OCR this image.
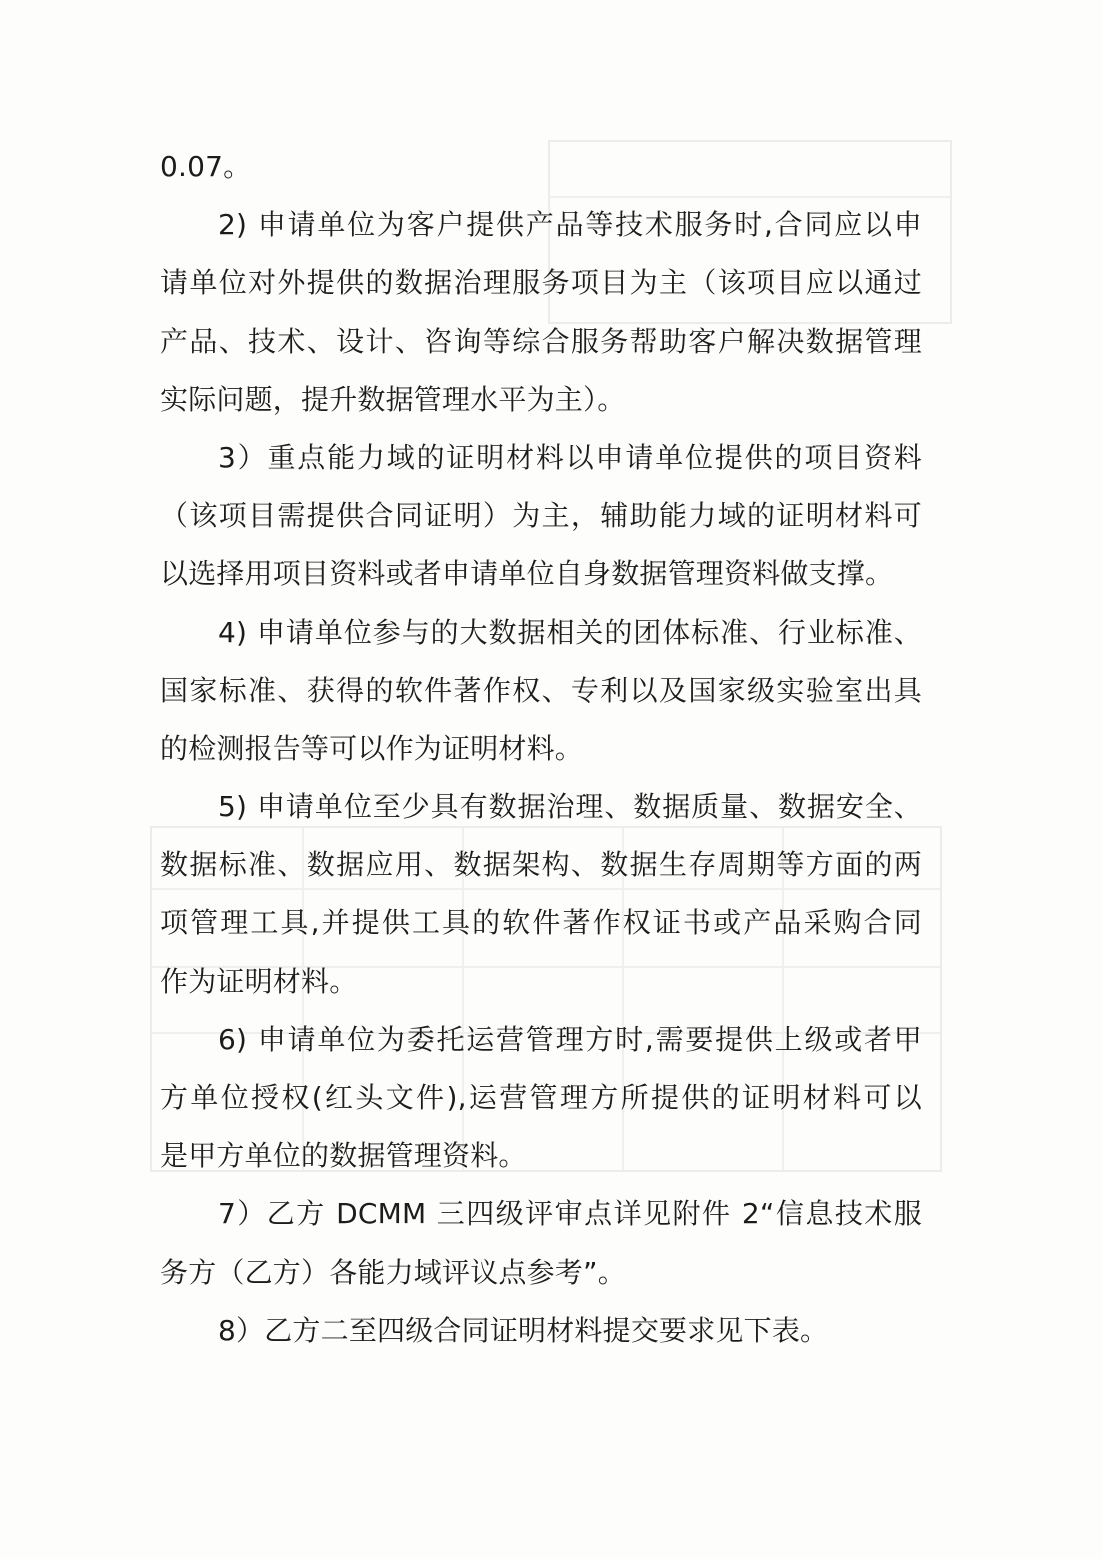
0.07。
2) 申请单位为客户提供产品等技术服务时,合同应以申
请单位对外提供的数据治理服务项目为主（该项目应以通过
产品、技术、设计、咨询等综合服务帮助客户解决数据管理
实际问题，提升数据管理水平为主）。
3）重点能力域的证明材料以申请单位提供的项目资料
（该项目需提供合同证明）为主，辅助能力域的证明材料可
以选择用项目资料或者申请单位自身数据管理资料做支撑。
4) 申请单位参与的大数据相关的团体标准、行业标准、
国家标准、获得的软件著作权、专利以及国家级实验室出具
的检测报告等可以作为证明材料。
5) 申请单位至少具有数据治理、数据质量、数据安全、
数据标准、数据应用、数据架构、数据生存周期等方面的两
项管理工具,并提供工具的软件著作权证书或产品采购合同
作为证明材料。
6) 申请单位为委托运营管理方时,需要提供上级或者甲
方单位授权(红头文件),运营管理方所提供的证明材料可以
是甲方单位的数据管理资料。
7）乙方 DCMM 三四级评审点详见附件 2“信息技术服
务方（乙方）各能力域评议点参考”。
8）乙方二至四级合同证明材料提交要求见下表。
